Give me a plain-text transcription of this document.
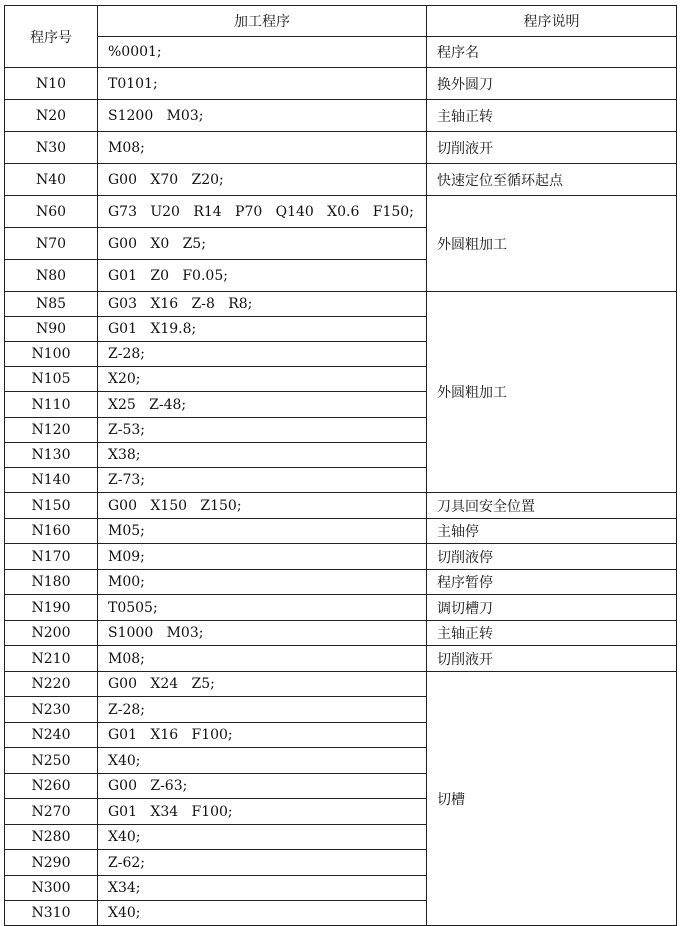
程序号	加工程序	程序说明
	%0001;	程序名
N10	T0101;	换外圆刀
N20	S1200   M03;	主轴正转
N30	M08;	切削液开
N40	G00   X70   Z20;	快速定位至循环起点
N60	G73   U20   R14   P70   Q140   X0.6   F150;	外圆粗加工
N70	G00   X0   Z5;	
N80	G01   Z0   F0.05;	
N85	G03   X16   Z-8   R8;	外圆粗加工
N90	G01   X19.8;	
N100	Z-28;	
N105	X20;	
N110	X25   Z-48;	
N120	Z-53;	
N130	X38;	
N140	Z-73;	
N150	G00   X150   Z150;	刀具回安全位置
N160	M05;	主轴停
N170	M09;	切削液停
N180	M00;	程序暂停
N190	T0505;	调切槽刀
N200	S1000   M03;	主轴正转
N210	M08;	切削液开
N220	G00   X24   Z5;	切槽
N230	Z-28;	
N240	G01   X16   F100;	
N250	X40;	
N260	G00   Z-63;	
N270	G01   X34   F100;	
N280	X40;	
N290	Z-62;	
N300	X34;	
N310	X40;	
